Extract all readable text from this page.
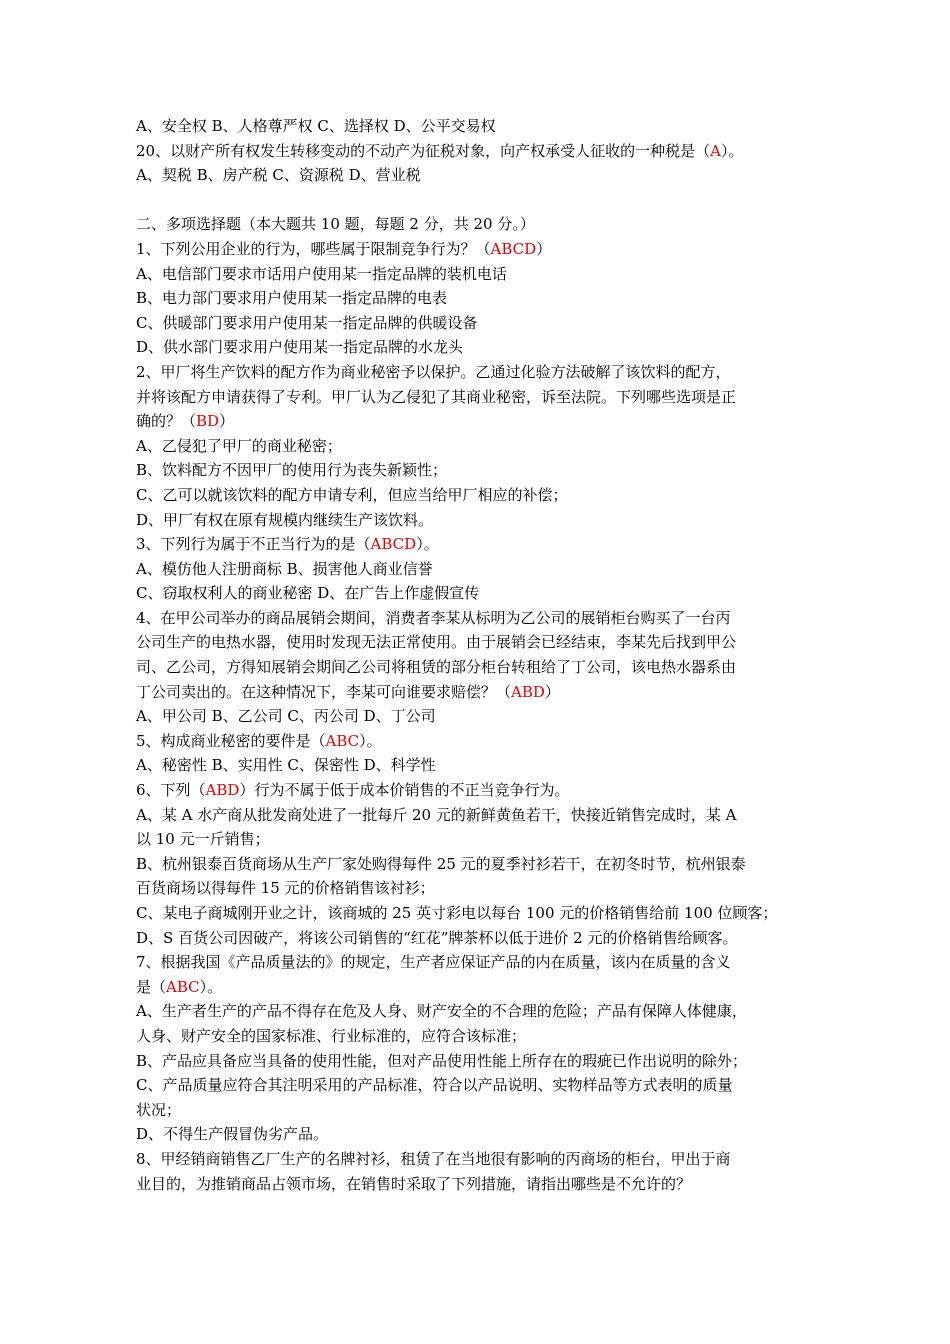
A、安全权 B、人格尊严权 C、选择权 D、公平交易权
20、以财产所有权发生转移变动的不动产为征税对象，向产权承受人征收的一种税是（A）。
A、契税 B、房产税 C、资源税 D、营业税
二、多项选择题（本大题共 10 题，每题 2 分，共 20 分。）
1、下列公用企业的行为，哪些属于限制竞争行为？（ABCD）
A、电信部门要求市话用户使用某一指定品牌的装机电话
B、电力部门要求用户使用某一指定品牌的电表
C、供暖部门要求用户使用某一指定品牌的供暖设备
D、供水部门要求用户使用某一指定品牌的水龙头
2、甲厂将生产饮料的配方作为商业秘密予以保护。乙通过化验方法破解了该饮料的配方，
并将该配方申请获得了专利。甲厂认为乙侵犯了其商业秘密，诉至法院。下列哪些选项是正
确的？（BD）
A、乙侵犯了甲厂的商业秘密；
B、饮料配方不因甲厂的使用行为丧失新颖性；
C、乙可以就该饮料的配方申请专利，但应当给甲厂相应的补偿；
D、甲厂有权在原有规模内继续生产该饮料。
3、下列行为属于不正当行为的是（ABCD）。
A、模仿他人注册商标 B、损害他人商业信誉
C、窃取权利人的商业秘密 D、在广告上作虚假宣传
4、在甲公司举办的商品展销会期间，消费者李某从标明为乙公司的展销柜台购买了一台丙
公司生产的电热水器，使用时发现无法正常使用。由于展销会已经结束，李某先后找到甲公
司、乙公司，方得知展销会期间乙公司将租赁的部分柜台转租给了丁公司，该电热水器系由
丁公司卖出的。在这种情况下，李某可向谁要求赔偿？（ABD）
A、甲公司 B、乙公司 C、丙公司 D、丁公司
5、构成商业秘密的要件是（ABC）。
A、秘密性 B、实用性 C、保密性 D、科学性
6、下列（ABD）行为不属于低于成本价销售的不正当竞争行为。
A、某 A 水产商从批发商处进了一批每斤 20 元的新鲜黄鱼若干，快接近销售完成时，某 A
以 10 元一斤销售；
B、杭州银泰百货商场从生产厂家处购得每件 25 元的夏季衬衫若干，在初冬时节，杭州银泰
百货商场以得每件 15 元的价格销售该衬衫；
C、某电子商城刚开业之计，该商城的 25 英寸彩电以每台 100 元的价格销售给前 100 位顾客；
D、S 百货公司因破产，将该公司销售的“红花”牌茶杯以低于进价 2 元的价格销售给顾客。
7、根据我国《产品质量法的》的规定，生产者应保证产品的内在质量，该内在质量的含义
是（ABC）。
A、生产者生产的产品不得存在危及人身、财产安全的不合理的危险；产品有保障人体健康，
人身、财产安全的国家标准、行业标准的，应符合该标准；
B、产品应具备应当具备的使用性能，但对产品使用性能上所存在的瑕疵已作出说明的除外；
C、产品质量应符合其注明采用的产品标准，符合以产品说明、实物样品等方式表明的质量
状况；
D、不得生产假冒伪劣产品。
8、甲经销商销售乙厂生产的名牌衬衫，租赁了在当地很有影响的丙商场的柜台，甲出于商
业目的，为推销商品占领市场，在销售时采取了下列措施，请指出哪些是不允许的？
